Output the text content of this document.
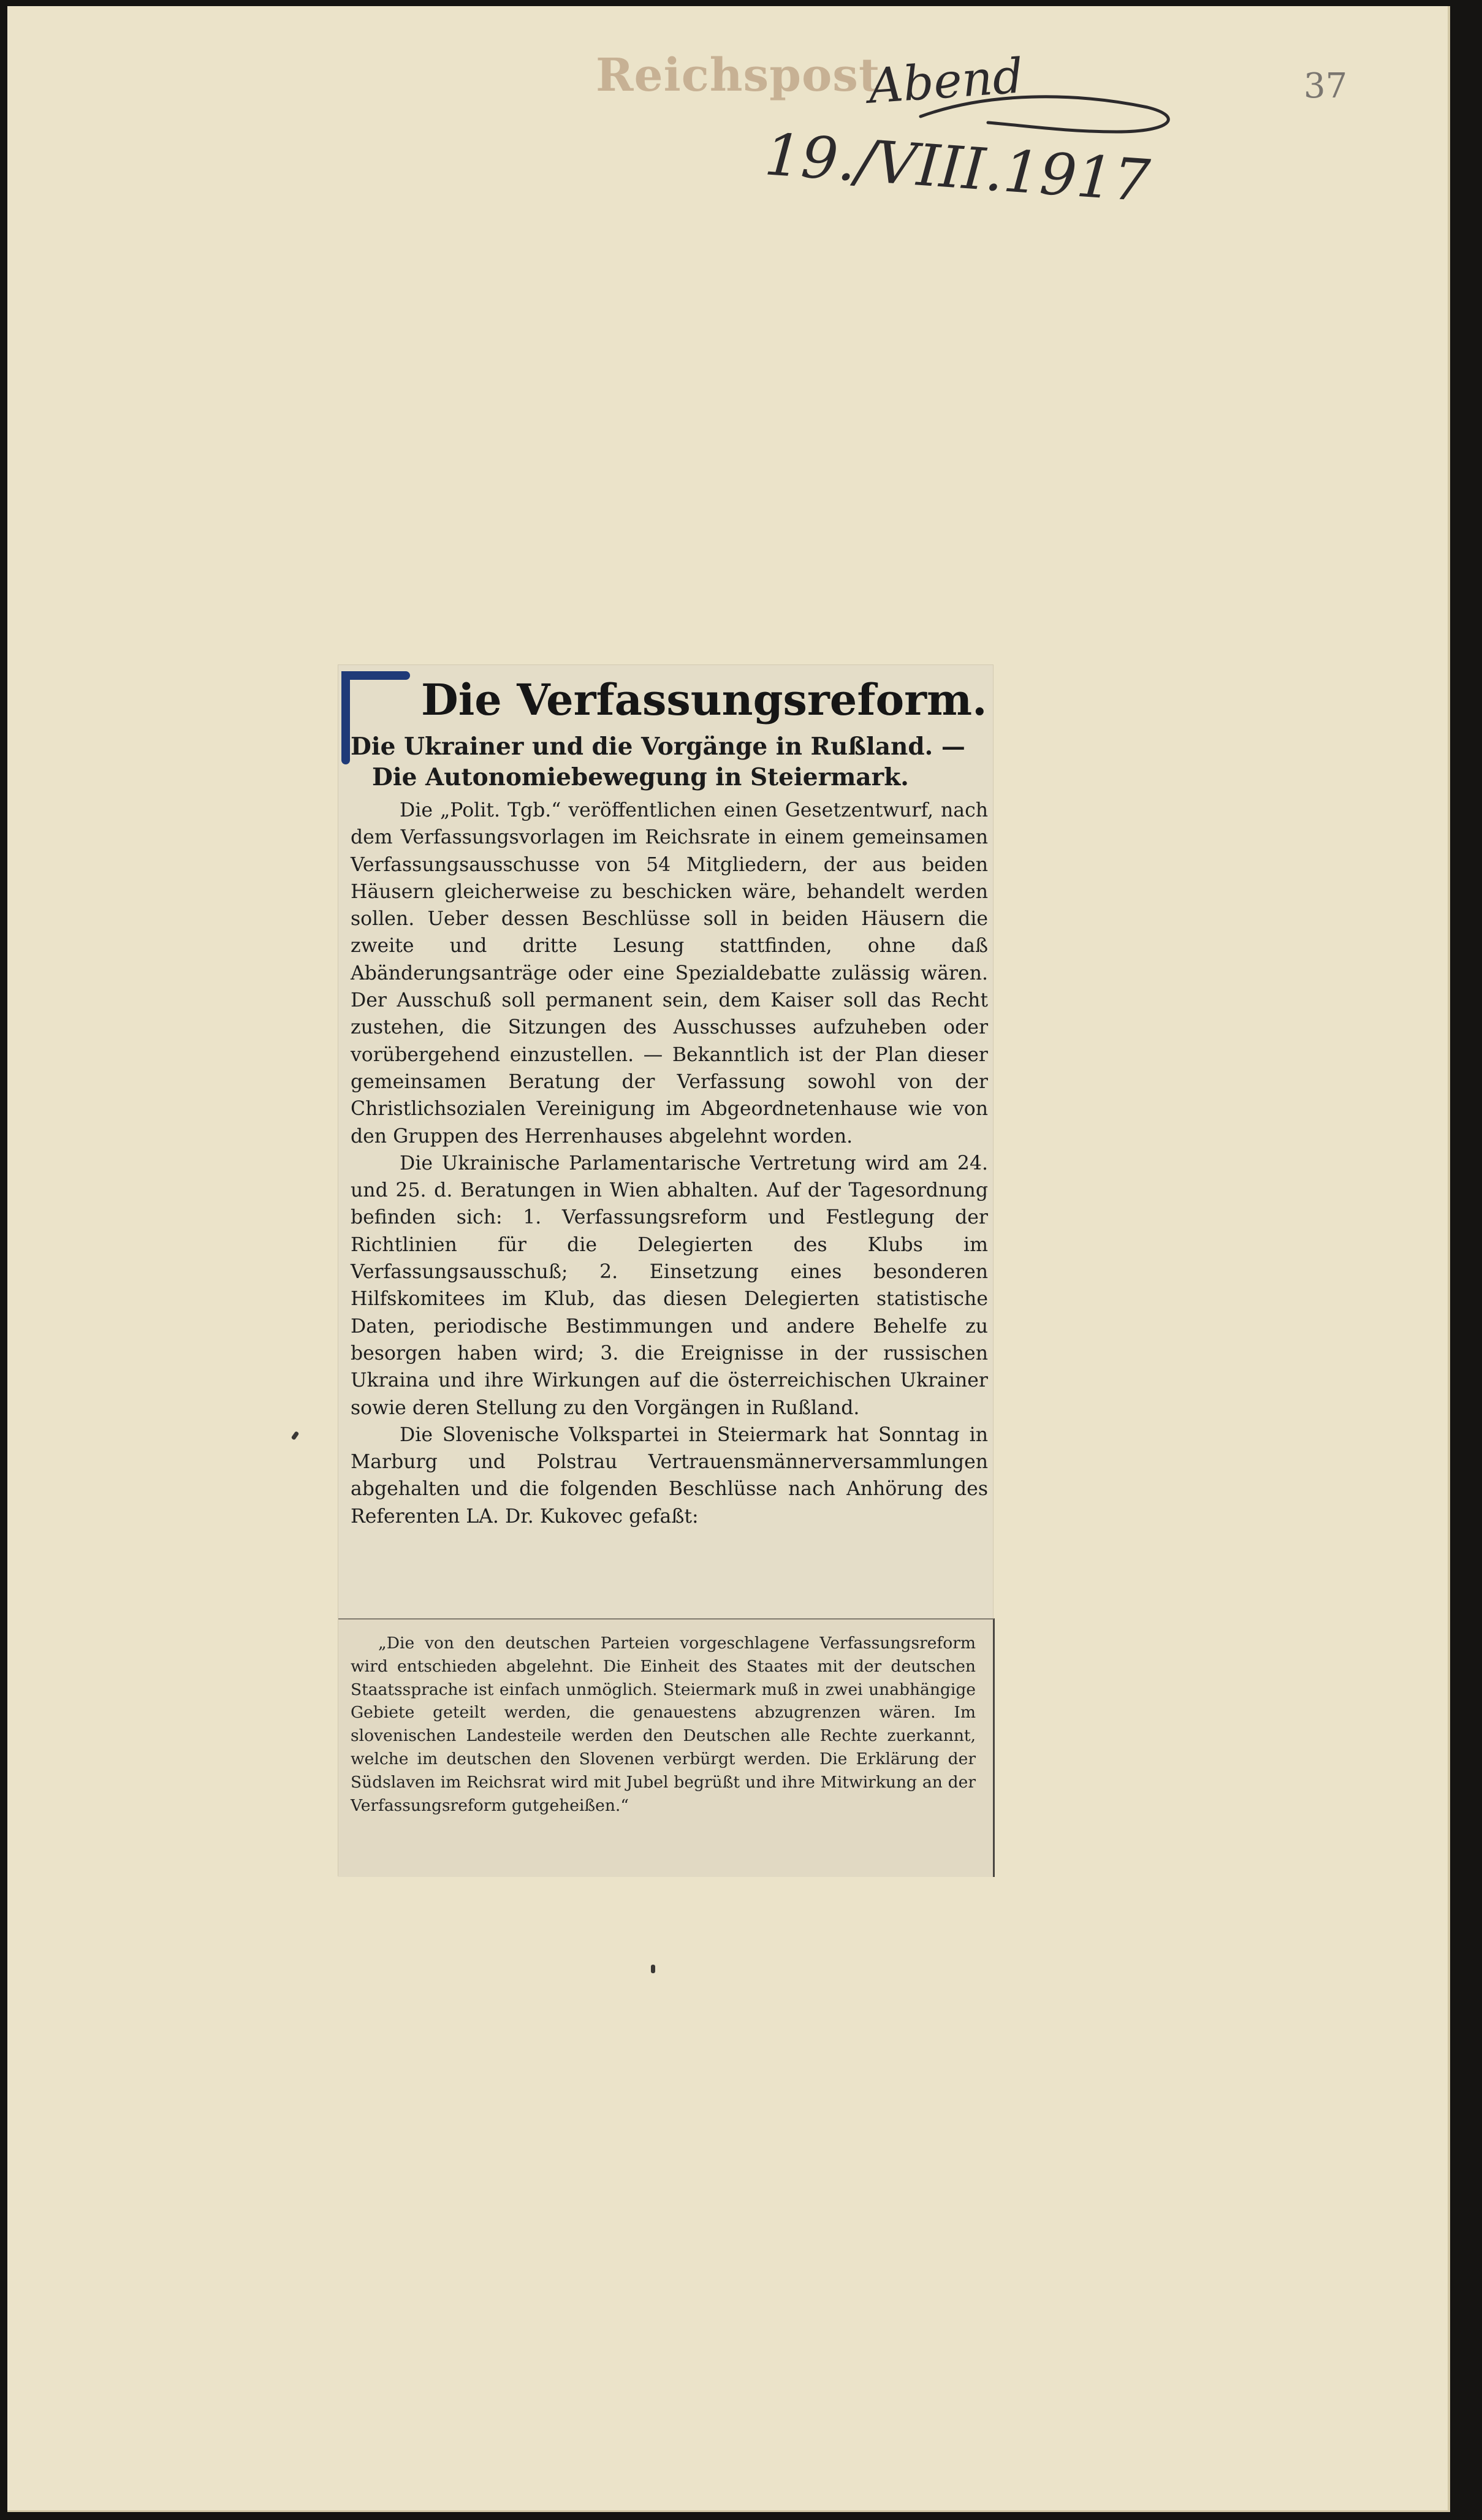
Reichspost

Abend

19./VIII.1917

37

Die Verfassungsreform.

Die Ukrainer und die Vorgänge in Rußland. —

Die Autonomiebewegung in Steiermark.

Die „Polit. Tgb.“ veröffentlichen einen Gesetzentwurf, nach dem Verfassungsvorlagen im Reichsrate in einem gemeinsamen Verfassungsausschusse von 54 Mitgliedern, der aus beiden Häusern gleicherweise zu beschicken wäre, behandelt werden sollen. Ueber dessen Beschlüsse soll in beiden Häusern die zweite und dritte Lesung stattfinden, ohne daß Abänderungsanträge oder eine Spezialdebatte zulässig wären. Der Ausschuß soll permanent sein, dem Kaiser soll das Recht zustehen, die Sitzungen des Ausschusses aufzuheben oder vorübergehend einzustellen. — Bekanntlich ist der Plan dieser gemeinsamen Beratung der Verfassung sowohl von der Christlichsozialen Vereinigung im Abgeordnetenhause wie von den Gruppen des Herrenhauses abgelehnt worden.

Die Ukrainische Parlamentarische Vertretung wird am 24. und 25. d. Beratungen in Wien abhalten. Auf der Tagesordnung befinden sich: 1. Verfassungsreform und Festlegung der Richtlinien für die Delegierten des Klubs im Verfassungsausschuß; 2. Einsetzung eines besonderen Hilfskomitees im Klub, das diesen Delegierten statistische Daten, periodische Bestimmungen und andere Behelfe zu besorgen haben wird; 3. die Ereignisse in der russischen Ukraina und ihre Wirkungen auf die österreichischen Ukrainer sowie deren Stellung zu den Vorgängen in Rußland.

Die Slovenische Volkspartei in Steiermark hat Sonntag in Marburg und Polstrau Vertrauensmännerversammlungen abgehalten und die folgenden Beschlüsse nach Anhörung des Referenten LA. Dr. Kukovec gefaßt:

„Die von den deutschen Parteien vorgeschlagene Verfassungsreform wird entschieden abgelehnt. Die Einheit des Staates mit der deutschen Staatssprache ist einfach unmöglich. Steiermark muß in zwei unabhängige Gebiete geteilt werden, die genauestens abzugrenzen wären. Im slovenischen Landesteile werden den Deutschen alle Rechte zuerkannt, welche im deutschen den Slovenen verbürgt werden. Die Erklärung der Südslaven im Reichsrat wird mit Jubel begrüßt und ihre Mitwirkung an der Verfassungsreform gutgeheißen.“
